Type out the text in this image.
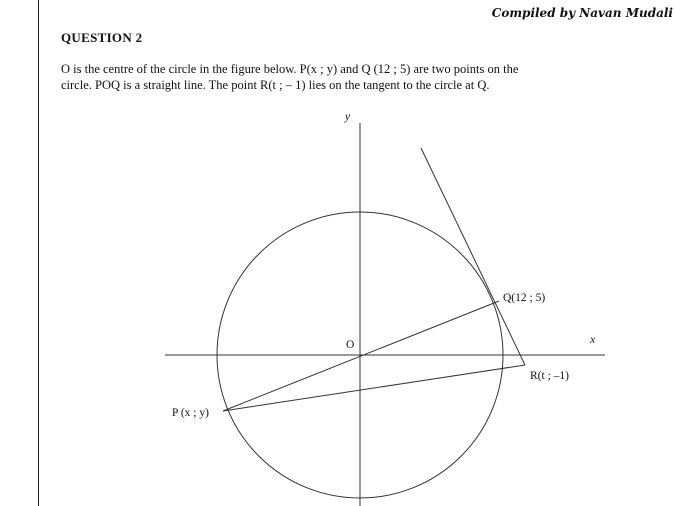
Compiled by Navan Mudali
QUESTION 2
O is the centre of the circle in the figure below. P(x ; y) and Q (12 ; 5) are two points on the
circle. POQ is a straight line. The point R(t ; – 1) lies on the tangent to the circle at Q.
y
x
O
Q(12 ; 5)
R(t ; –1)
P (x ; y)
